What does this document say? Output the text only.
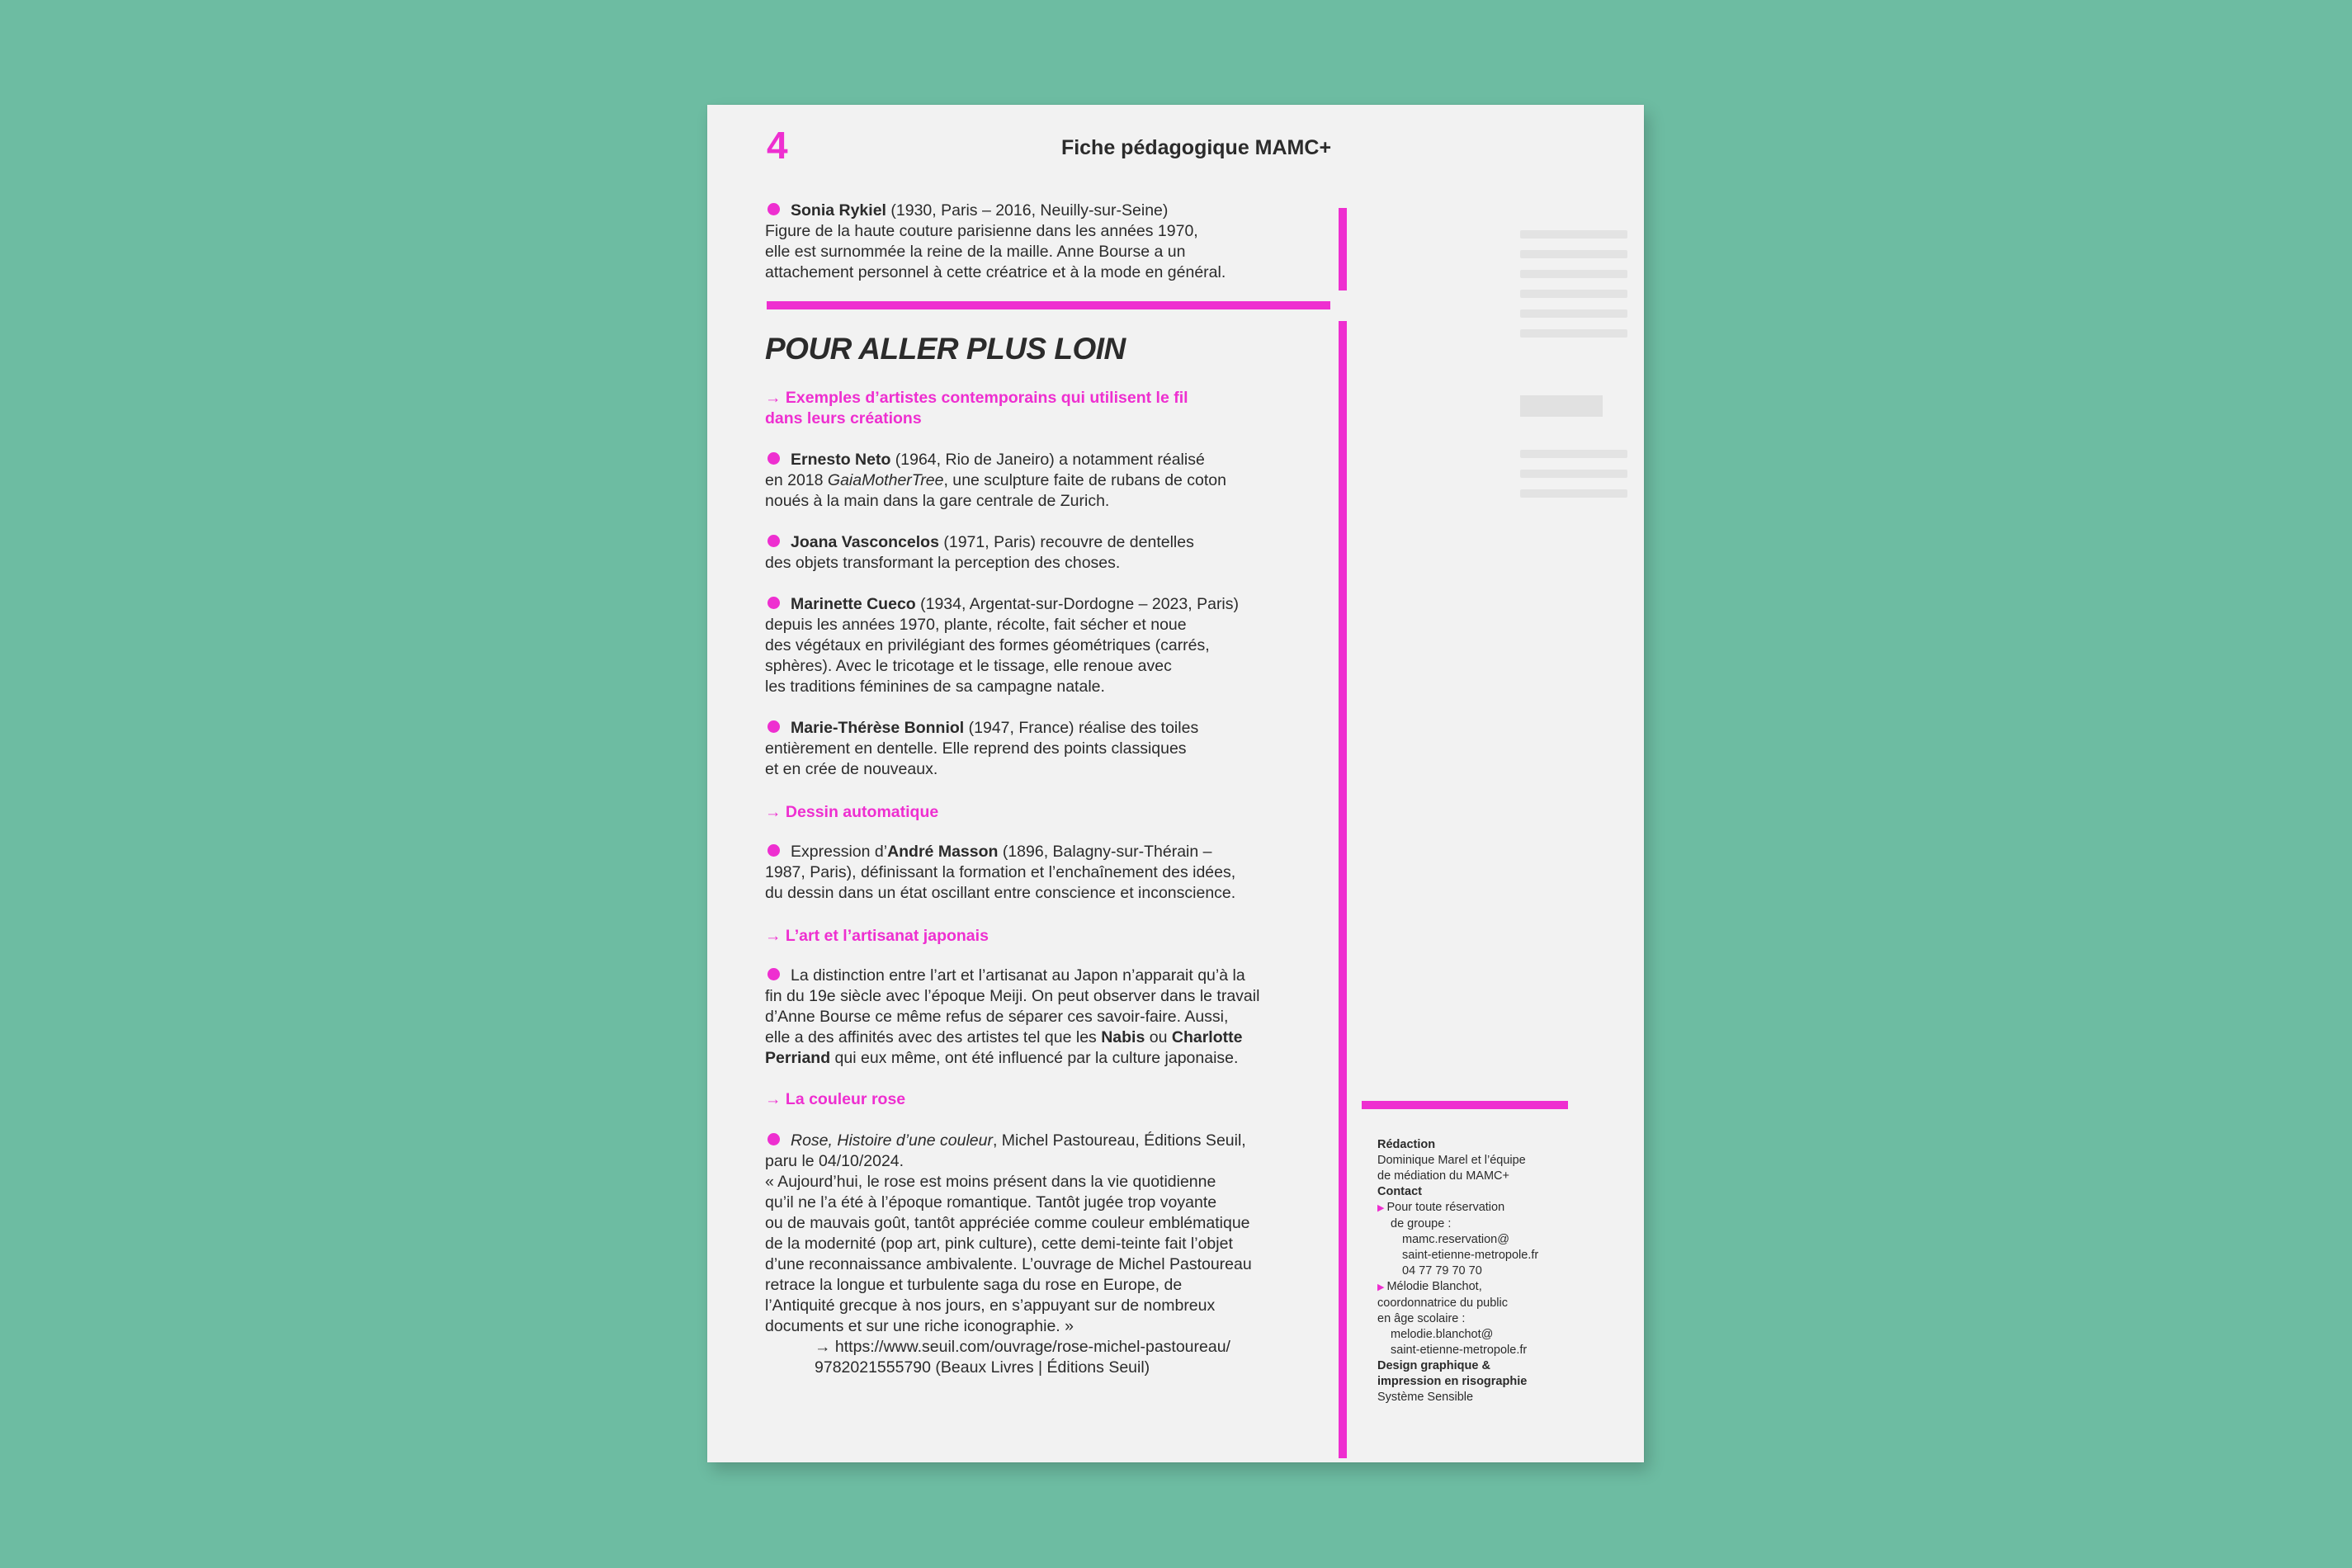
4	Fiche pédagogique MAMC+

Sonia Rykiel (1930, Paris – 2016, Neuilly-sur-Seine)

Figure de la haute couture parisienne dans les années 1970,

elle est surnommée la reine de la maille. Anne Bourse a un

attachement personnel à cette créatrice et à la mode en général.

POUR ALLER PLUS LOIN

→ Exemples d’artistes contemporains qui utilisent le fil

dans leurs créations

Ernesto Neto (1964, Rio de Janeiro) a notamment réalisé

en 2018 GaiaMotherTree, une sculpture faite de rubans de coton

noués à la main dans la gare centrale de Zurich.

Joana Vasconcelos (1971, Paris) recouvre de dentelles

des objets transformant la perception des choses.

Marinette Cueco (1934, Argentat-sur-Dordogne – 2023, Paris)

depuis les années 1970, plante, récolte, fait sécher et noue

des végétaux en privilégiant des formes géométriques (carrés,

sphères). Avec le tricotage et le tissage, elle renoue avec

les traditions féminines de sa campagne natale.

Marie-Thérèse Bonniol (1947, France) réalise des toiles

entièrement en dentelle. Elle reprend des points classiques

et en crée de nouveaux.

→ Dessin automatique

Expression d’André Masson (1896, Balagny-sur-Thérain –

1987, Paris), définissant la formation et l’enchaînement des idées,

du dessin dans un état oscillant entre conscience et inconscience.

→ L’art et l’artisanat japonais

La distinction entre l’art et l’artisanat au Japon n’apparait qu’à la

fin du 19e siècle avec l’époque Meiji. On peut observer dans le travail

d’Anne Bourse ce même refus de séparer ces savoir-faire. Aussi,

elle a des affinités avec des artistes tel que les Nabis ou Charlotte

Perriand qui eux même, ont été influencé par la culture japonaise.

→ La couleur rose

Rose, Histoire d’une couleur, Michel Pastoureau, Éditions Seuil,

paru le 04/10/2024.

« Aujourd’hui, le rose est moins présent dans la vie quotidienne

qu’il ne l’a été à l’époque romantique. Tantôt jugée trop voyante

ou de mauvais goût, tantôt appréciée comme couleur emblématique

de la modernité (pop art, pink culture), cette demi-teinte fait l’objet

d’une reconnaissance ambivalente. L’ouvrage de Michel Pastoureau

retrace la longue et turbulente saga du rose en Europe, de

l’Antiquité grecque à nos jours, en s’appuyant sur de nombreux

documents et sur une riche iconographie. »

→ https://www.seuil.com/ouvrage/rose-michel-pastoureau/

9782021555790 (Beaux Livres | Éditions Seuil)

Rédaction
Dominique Marel et l’équipe
de médiation du MAMC+
Contact
▶ Pour toute réservation
de groupe :
mamc.reservation@
saint-etienne-metropole.fr
04 77 79 70 70
▶ Mélodie Blanchot,
coordonnatrice du public
en âge scolaire :
melodie.blanchot@
saint-etienne-metropole.fr
Design graphique &
impression en risographie
Système Sensible
